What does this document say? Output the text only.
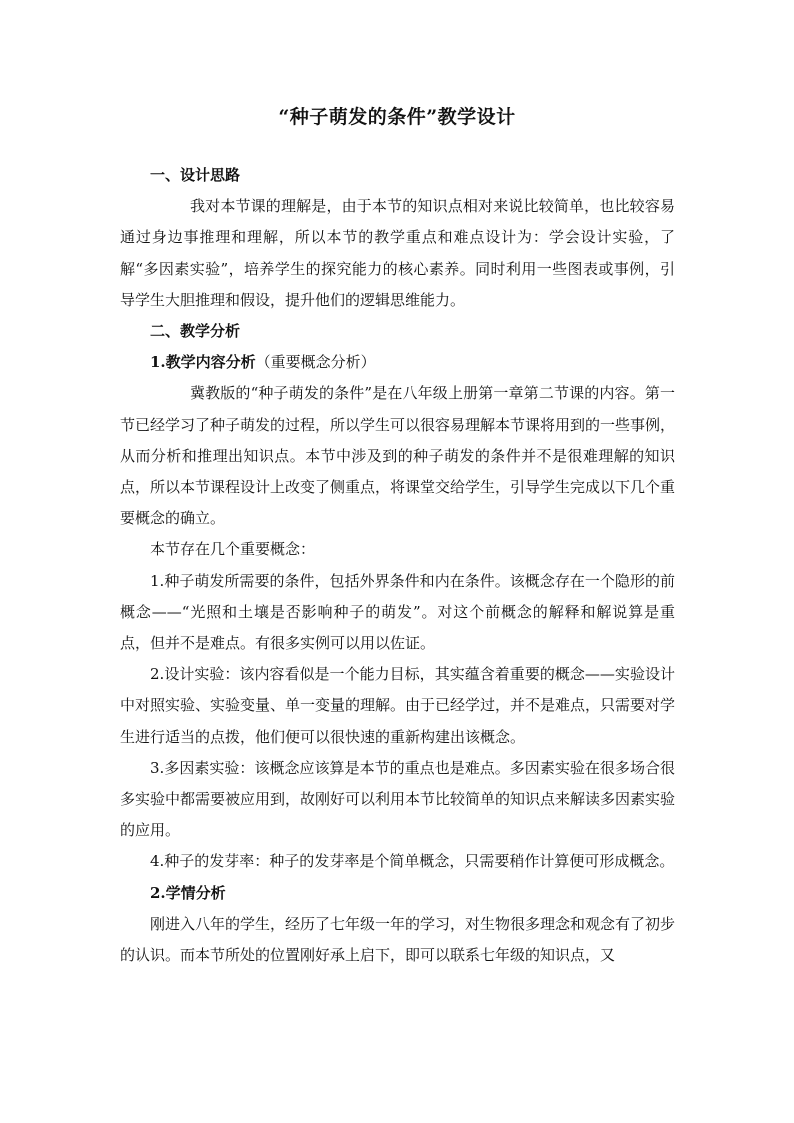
“种子萌发的条件”教学设计
一、设计思路
我对本节课的理解是，由于本节的知识点相对来说比较简单，也比较容易通过身边事推理和理解，所以本节的教学重点和难点设计为：学会设计实验，了解“多因素实验”，培养学生的探究能力的核心素养。同时利用一些图表或事例，引导学生大胆推理和假设，提升他们的逻辑思维能力。
二、教学分析
1.教学内容分析（重要概念分析）
冀教版的“种子萌发的条件”是在八年级上册第一章第二节课的内容。第一节已经学习了种子萌发的过程，所以学生可以很容易理解本节课将用到的一些事例，从而分析和推理出知识点。本节中涉及到的种子萌发的条件并不是很难理解的知识点，所以本节课程设计上改变了侧重点，将课堂交给学生，引导学生完成以下几个重要概念的确立。
本节存在几个重要概念：
1.种子萌发所需要的条件，包括外界条件和内在条件。该概念存在一个隐形的前概念——“光照和土壤是否影响种子的萌发”。对这个前概念的解释和解说算是重点，但并不是难点。有很多实例可以用以佐证。
2.设计实验：该内容看似是一个能力目标，其实蕴含着重要的概念——实验设计中对照实验、实验变量、单一变量的理解。由于已经学过，并不是难点，只需要对学生进行适当的点拨，他们便可以很快速的重新构建出该概念。
3.多因素实验：该概念应该算是本节的重点也是难点。多因素实验在很多场合很多实验中都需要被应用到，故刚好可以利用本节比较简单的知识点来解读多因素实验的应用。
4.种子的发芽率：种子的发芽率是个简单概念，只需要稍作计算便可形成概念。
2.学情分析
刚进入八年的学生，经历了七年级一年的学习，对生物很多理念和观念有了初步的认识。而本节所处的位置刚好承上启下，即可以联系七年级的知识点，又
